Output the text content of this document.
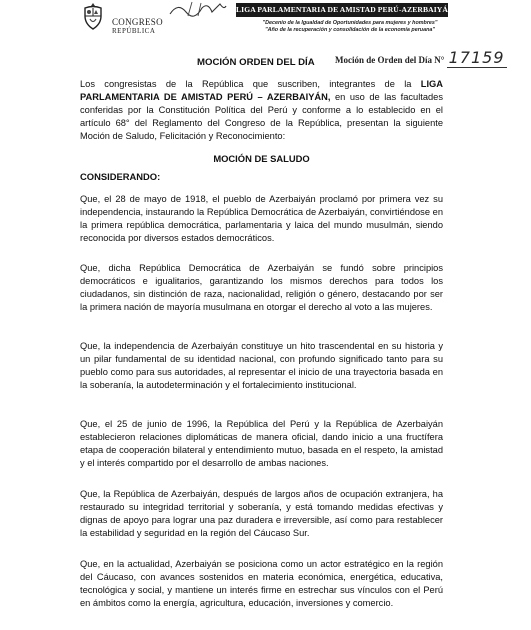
CONGRESO
REPÚBLICA
LIGA PARLAMENTARIA DE AMISTAD PERÚ-AZERBAIYÁN
"Decenio de la Igualdad de Oportunidades para mujeres y hombres"
"Año de la recuperación y consolidación de la economía peruana"
Moción de Orden del Día N° 17159
MOCIÓN ORDEN DEL DÍA
Los congresistas de la República que suscriben, integrantes de la LIGA PARLAMENTARIA DE AMISTAD PERÚ – AZERBAIYÁN, en uso de las facultades conferidas por la Constitución Política del Perú y conforme a lo establecido en el artículo 68° del Reglamento del Congreso de la República, presentan la siguiente Moción de Saludo, Felicitación y Reconocimiento:
MOCIÓN DE SALUDO
CONSIDERANDO:
Que, el 28 de mayo de 1918, el pueblo de Azerbaiyán proclamó por primera vez su independencia, instaurando la República Democrática de Azerbaiyán, convirtiéndose en la primera república democrática, parlamentaria y laica del mundo musulmán, siendo reconocida por diversos estados democráticos.
Que, dicha República Democrática de Azerbaiyán se fundó sobre principios democráticos e igualitarios, garantizando los mismos derechos para todos los ciudadanos, sin distinción de raza, nacionalidad, religión o género, destacando por ser la primera nación de mayoría musulmana en otorgar el derecho al voto a las mujeres.
Que, la independencia de Azerbaiyán constituye un hito trascendental en su historia y un pilar fundamental de su identidad nacional, con profundo significado tanto para su pueblo como para sus autoridades, al representar el inicio de una trayectoria basada en la soberanía, la autodeterminación y el fortalecimiento institucional.
Que, el 25 de junio de 1996, la República del Perú y la República de Azerbaiyán establecieron relaciones diplomáticas de manera oficial, dando inicio a una fructífera etapa de cooperación bilateral y entendimiento mutuo, basada en el respeto, la amistad y el interés compartido por el desarrollo de ambas naciones.
Que, la República de Azerbaiyán, después de largos años de ocupación extranjera, ha restaurado su integridad territorial y soberanía, y está tomando medidas efectivas y dignas de apoyo para lograr una paz duradera e irreversible, así como para restablecer la estabilidad y seguridad en la región del Cáucaso Sur.
Que, en la actualidad, Azerbaiyán se posiciona como un actor estratégico en la región del Cáucaso, con avances sostenidos en materia económica, energética, educativa, tecnológica y social, y mantiene un interés firme en estrechar sus vínculos con el Perú en ámbitos como la energía, agricultura, educación, inversiones y comercio.
